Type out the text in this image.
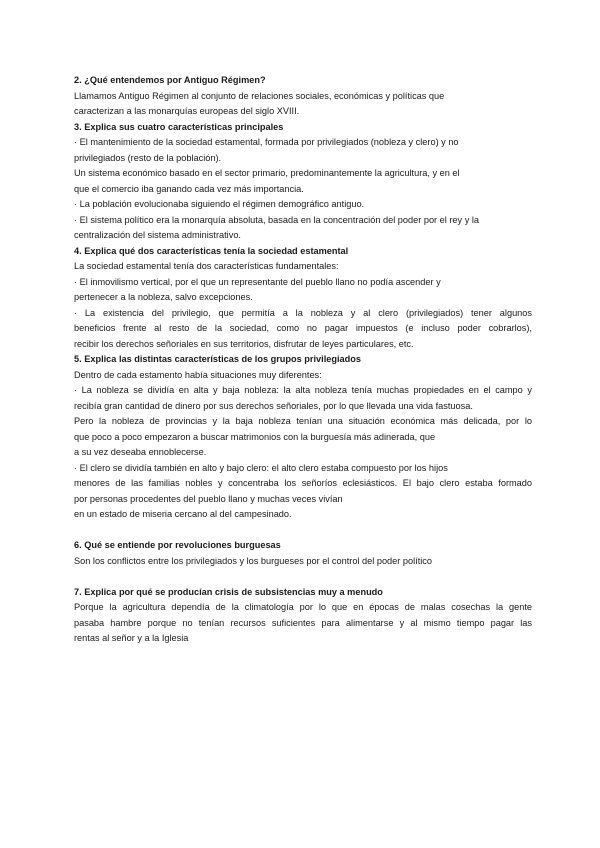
2. ¿Qué entendemos por Antiguo Régimen?

Llamamos Antiguo Régimen al conjunto de relaciones sociales, económicas y políticas que
caracterizan a las monarquías europeas del siglo XVIII.

3. Explica sus cuatro características principales

· El mantenimiento de la sociedad estamental, formada por privilegiados (nobleza y clero) y no
privilegiados (resto de la población).
Un sistema económico basado en el sector primario, predominantemente la agricultura, y en el
que el comercio iba ganando cada vez más importancia.
· La población evolucionaba siguiendo el régimen demográfico antiguo.
· El sistema político era la monarquía absoluta, basada en la concentración del poder por el rey y la
centralización del sistema administrativo.

4. Explica qué dos características tenía la sociedad estamental

La sociedad estamental tenía dos características fundamentales:
· El inmovilismo vertical, por el que un representante del pueblo llano no podía ascender y
pertenecer a la nobleza, salvo excepciones.
· La existencia del privilegio, que permitía a la nobleza y al clero (privilegiados) tener algunos
beneficios frente al resto de la sociedad, como no pagar impuestos (e incluso poder cobrarlos),
recibir los derechos señoriales en sus territorios, disfrutar de leyes particulares, etc.

5. Explica las distintas características de los grupos privilegiados

Dentro de cada estamento había situaciones muy diferentes:
· La nobleza se dividía en alta y baja nobleza: la alta nobleza tenía muchas propiedades en el campo y
recibía gran cantidad de dinero por sus derechos señoriales, por lo que llevada una vida fastuosa.
Pero la nobleza de provincias y la baja nobleza tenían una situación económica más delicada, por lo
que poco a poco empezaron a buscar matrimonios con la burguesía más adinerada, que
a su vez deseaba ennoblecerse.
· El clero se dividía también en alto y bajo clero: el alto clero estaba compuesto por los hijos
menores de las familias nobles y concentraba los señoríos eclesiásticos. El bajo clero estaba formado
por personas procedentes del pueblo llano y muchas veces vivían
en un estado de miseria cercano al del campesinado.

6. Qué se entiende por revoluciones burguesas

Son los conflictos entre los privilegiados y los burgueses por el control del poder político

7. Explica por qué se producían crisis de subsistencias muy a menudo

Porque la agricultura dependía de la climatología por lo que en épocas de malas cosechas la gente
pasaba hambre porque no tenían recursos suficientes para alimentarse y al mismo tiempo pagar las
rentas al señor y a la Iglesia
